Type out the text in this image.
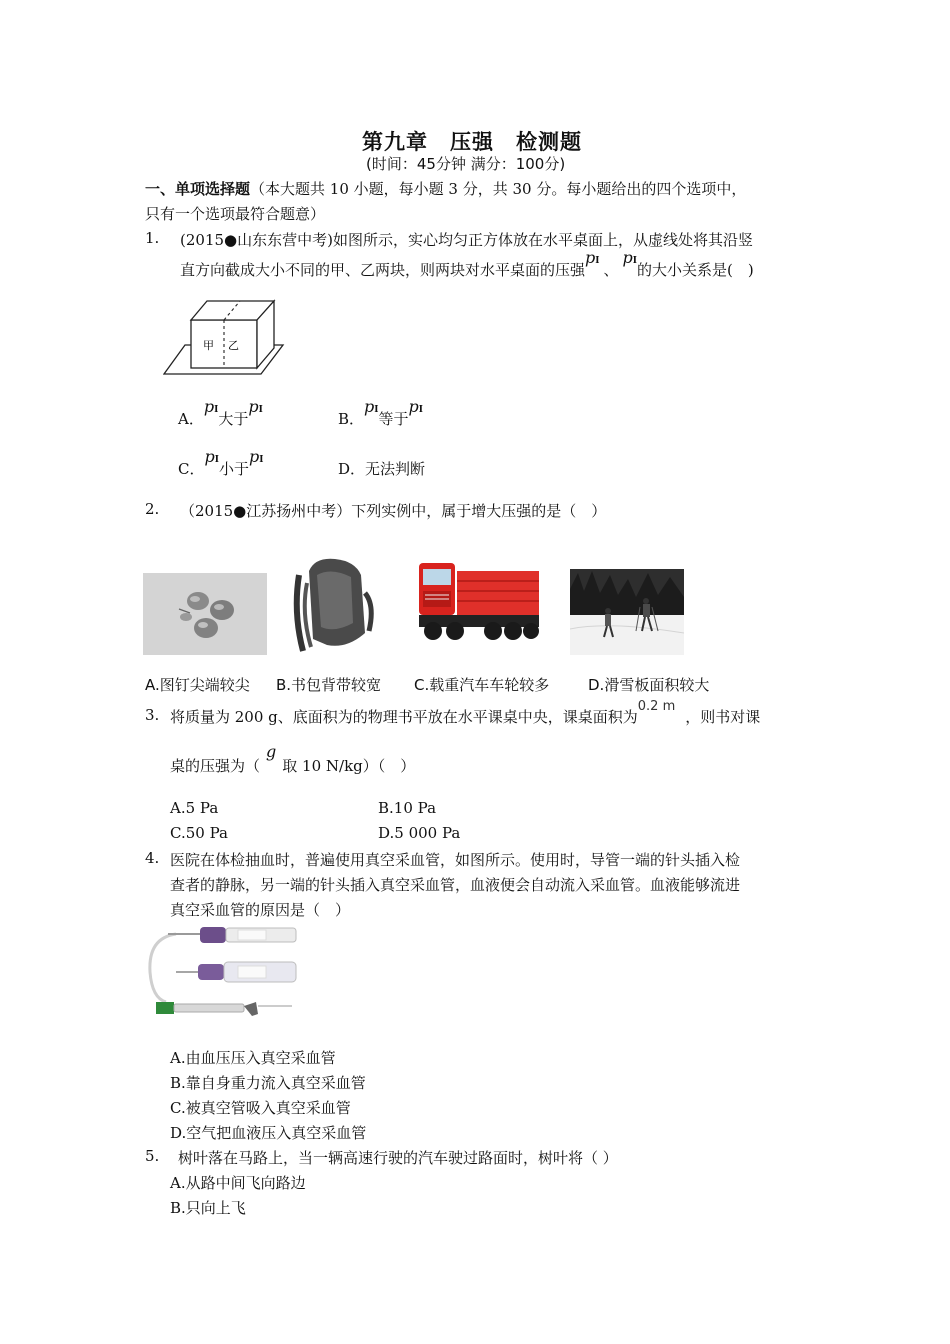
第九章　压强　检测题
(时间：45分钟 满分：100分)
一、单项选择题（本大题共 10 小题，每小题 3 分，共 30 分。每小题给出的四个选项中，
只有一个选项最符合题意）
1. (2015●山东东营中考)如图所示，实心均匀正方体放在水平桌面上，从虚线处将其沿竖
直方向截成大小不同的甲、乙两块，则两块对水平桌面的压强pI 、pI的大小关系是(　)
甲 乙
A．pI大于pI	B．pI等于pI
C．pI小于pI	D．无法判断
2. （2015●江苏扬州中考）下列实例中，属于增大压强的是（　）
A.图钉尖端较尖 B.书包背带较宽 C.载重汽车车轮较多	D.滑雪板面积较大
3. 将质量为 200 g、底面积为的物理书平放在水平课桌中央，课桌面积为0.2 m，则书对课
桌的压强为（g取 10 N/kg）（　）
A.5 Pa	B.10 Pa
C.50 Pa	D.5 000 Pa
4. 医院在体检抽血时，普遍使用真空采血管，如图所示。使用时，导管一端的针头插入检
查者的静脉，另一端的针头插入真空采血管，血液便会自动流入采血管。血液能够流进
真空采血管的原因是（　）
A.由血压压入真空采血管
B.靠自身重力流入真空采血管
C.被真空管吸入真空采血管
D.空气把血液压入真空采血管
5. 树叶落在马路上，当一辆高速行驶的汽车驶过路面时，树叶将（ ）
A.从路中间飞向路边
B.只向上飞
